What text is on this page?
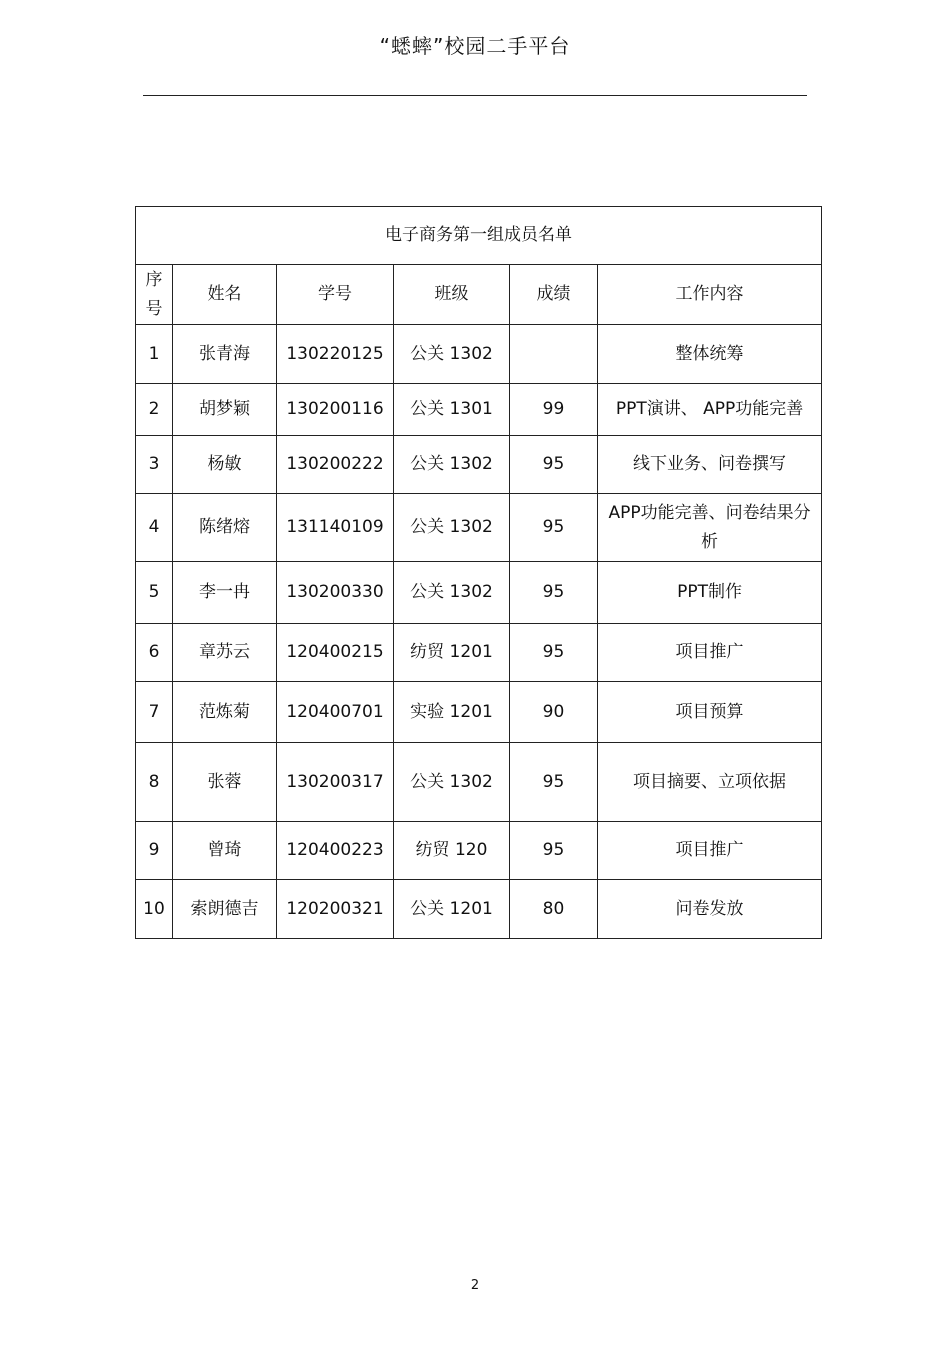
“蟋蟀”校园二手平台
电子商务第一组成员名单					
序号	姓名	学号	班级	成绩	工作内容
1	张青海	130220125	公关 1302		整体统筹
2	胡梦颖	130200116	公关 1301	99	PPT演讲、 APP功能完善
3	杨敏	130200222	公关 1302	95	线下业务、问卷撰写
4	陈绪熔	131140109	公关 1302	95	APP功能完善、问卷结果分析
5	李一冉	130200330	公关 1302	95	PPT制作
6	章苏云	120400215	纺贸 1201	95	项目推广
7	范炼菊	120400701	实验 1201	90	项目预算
8	张蓉	130200317	公关 1302	95	项目摘要、立项依据
9	曾琦	120400223	纺贸 120	95	项目推广
10	索朗德吉	120200321	公关 1201	80	问卷发放
2
